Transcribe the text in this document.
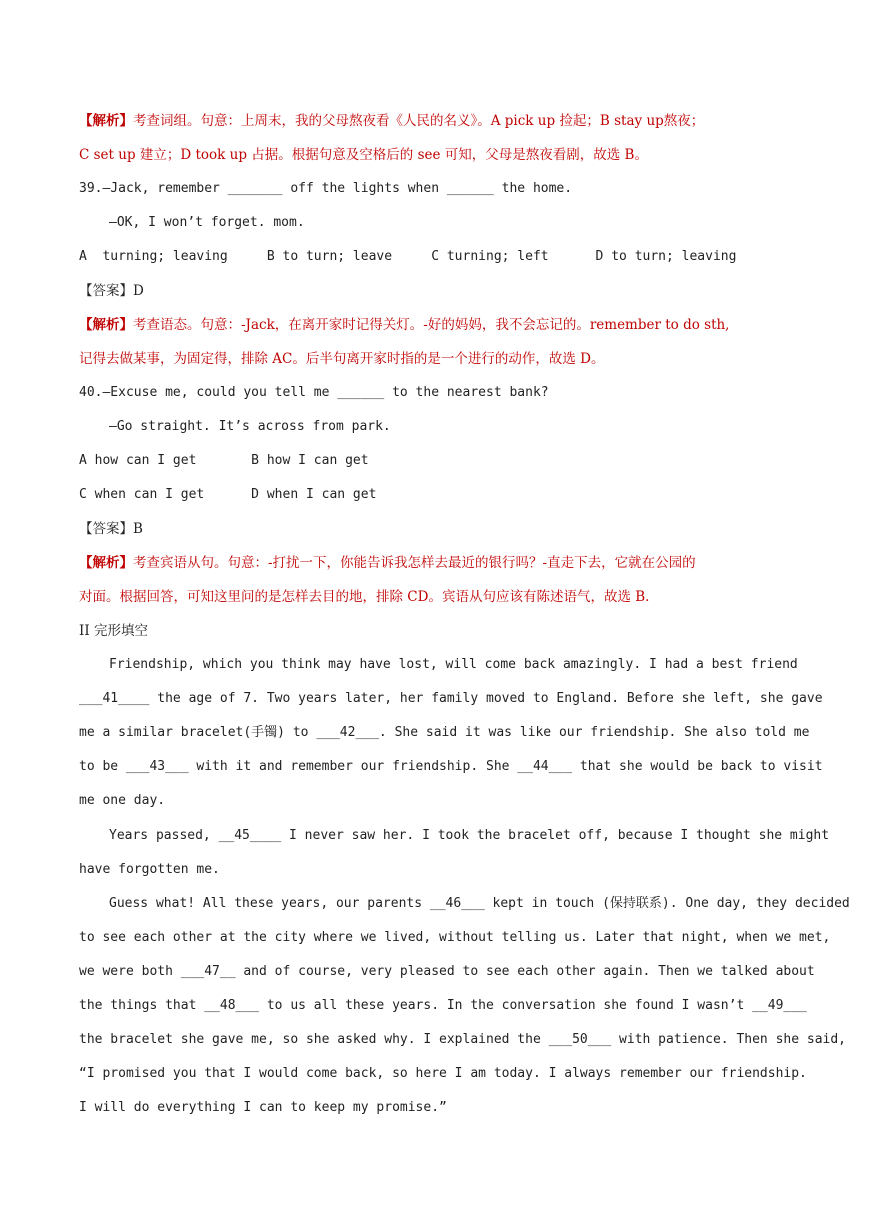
【解析】考查词组。句意：上周末，我的父母熬夜看《人民的名义》。A pick up 捡起；B stay up熬夜；
C set up 建立；D took up 占据。根据句意及空格后的 see 可知，父母是熬夜看剧，故选 B。
39.—Jack, remember _______ off the lights when ______ the home.
—OK, I won’t forget. mom.
A  turning; leaving     B to turn; leave     C turning; left      D to turn; leaving
【答案】D
【解析】考查语态。句意：-Jack，在离开家时记得关灯。-好的妈妈，我不会忘记的。remember to do sth,
记得去做某事，为固定得，排除 AC。后半句离开家时指的是一个进行的动作，故选 D。
40.—Excuse me, could you tell me ______ to the nearest bank?
—Go straight. It’s across from park.
A how can I get       B how I can get
C when can I get      D when I can get
【答案】B
【解析】考查宾语从句。句意：-打扰一下，你能告诉我怎样去最近的银行吗？-直走下去，它就在公园的
对面。根据回答，可知这里问的是怎样去目的地，排除 CD。宾语从句应该有陈述语气，故选 B.
II 完形填空
Friendship, which you think may have lost, will come back amazingly. I had a best friend
___41____ the age of 7. Two years later, her family moved to England. Before she left, she gave
me a similar bracelet(手镯) to ___42___. She said it was like our friendship. She also told me
to be ___43___ with it and remember our friendship. She __44___ that she would be back to visit
me one day.
Years passed, __45____ I never saw her. I took the bracelet off, because I thought she might
have forgotten me.
Guess what! All these years, our parents __46___ kept in touch (保持联系). One day, they decided
to see each other at the city where we lived, without telling us. Later that night, when we met,
we were both ___47__ and of course, very pleased to see each other again. Then we talked about
the things that __48___ to us all these years. In the conversation she found I wasn’t __49___
the bracelet she gave me, so she asked why. I explained the ___50___ with patience. Then she said,
“I promised you that I would come back, so here I am today. I always remember our friendship.
I will do everything I can to keep my promise.”
